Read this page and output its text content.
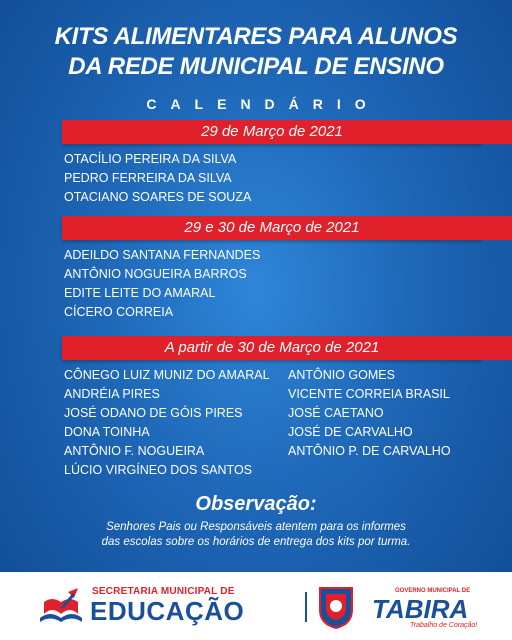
KITS ALIMENTARES PARA ALUNOS
DA REDE MUNICIPAL DE ENSINO
CALENDÁRIO
29 de Março de 2021
OTACÍLIO PEREIRA DA SILVA
PEDRO FERREIRA DA SILVA
OTACIANO SOARES DE SOUZA
29 e 30 de Março de 2021
ADEILDO SANTANA FERNANDES
ANTÔNIO NOGUEIRA BARROS
EDITE LEITE DO AMARAL
CÍCERO CORREIA
A partir de 30 de Março de 2021
CÔNEGO LUIZ MUNIZ DO AMARAL
ANDRÉIA PIRES
JOSÉ ODANO DE GÓIS PIRES
DONA TOINHA
ANTÔNIO F. NOGUEIRA
LÚCIO VIRGÍNEO DOS SANTOS
ANTÔNIO GOMES
VICENTE CORREIA BRASIL
JOSÉ CAETANO
JOSÉ DE CARVALHO
ANTÔNIO P. DE CARVALHO
Observação:
Senhores Pais ou Responsáveis atentem para os informes
das escolas sobre os horários de entrega dos kits por turma.
SECRETARIA MUNICIPAL DE
EDUCAÇÃO
GOVERNO MUNICIPAL DE
TABIRA
Trabalho de Coração!
